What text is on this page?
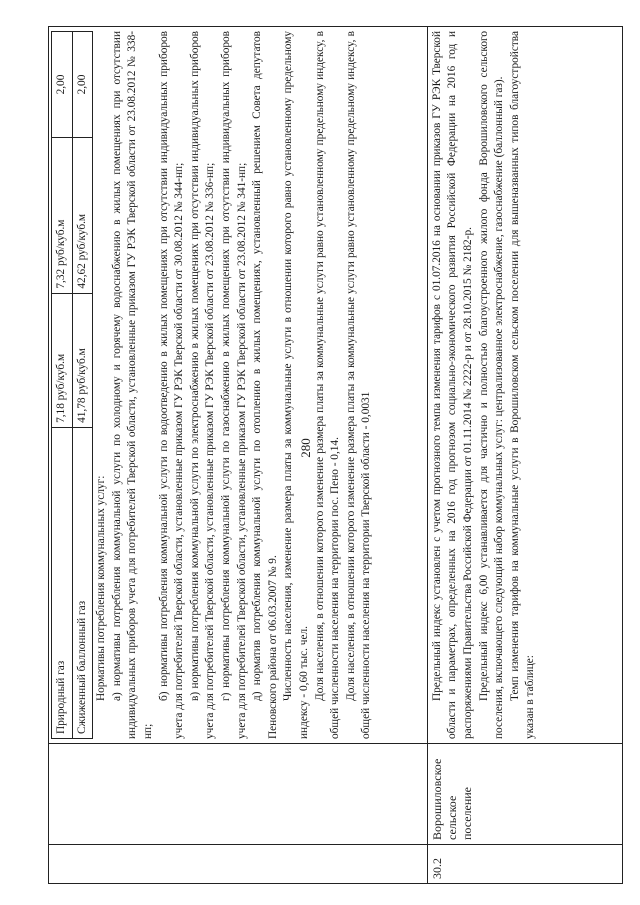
280

Природный газ	7,18 руб/куб.м	7,32 руб/куб.м	2,00
Сжиженный баллонный газ	41,78 руб/куб.м	42,62 руб/куб.м	2,00

Нормативы потребления коммунальных услуг: а) нормативы потребления коммунальной услуги по холодному и горячему водоснабжению в жилых помещениях при отсутствии индивидуальных приборов учета для потребителей Тверской области, установленные приказом ГУ РЭК Тверской области от 23.08.2012 № 338-нп;

б) нормативы потребления коммунальной услуги по водоотведению в жилых помещениях при отсутствии индивидуальных приборов учета для потребителей Тверской области, установленные приказом ГУ РЭК Тверской области от 30.08.2012 № 344-нп; в) нормативы потребления коммунальной услуги по электроснабжению в жилых помещениях при отсутствии индивидуальных приборов учета для потребителей Тверской области, установленные приказом ГУ РЭК Тверской области от 23.08.2012 № 336-нп; г) нормативы потребления коммунальной услуги по газоснабжению в жилых помещениях при отсутствии индивидуальных приборов учета для потребителей Тверской области, установленные приказом ГУ РЭК Тверской области от 23.08.2012 № 341-нп; д) норматив потребления коммунальной услуги по отоплению в жилых помещениях, установленный решением Совета депутатов Пеновского района от 06.03.2007 № 9. Численность населения, изменение размера платы за коммунальные услуги в отношении которого равно установленному предельному индексу - 0,60 тыс. чел. Доля населения, в отношении которого изменение размера платы за коммунальные услуги равно установленному предельному индексу, в общей численности населения на территории пос. Пено - 0,14. Доля населения, в отношении которого изменение размера платы за коммунальные услуги равно установленному предельному индексу, в общей численности населения на территории Тверской области - 0,0031

30.2	Ворошиловское сельское поселение	

Предельный индекс установлен с учетом прогнозного темпа изменения тарифов с 01.07.2016 на основании приказов ГУ РЭК Тверской области и параметрах, определенных на 2016 год прогнозом социально-экономического развития Российской Федерации на 2016 год и распоряжениями Правительства Российской Федерации от 01.11.2014 № 2222-р и от 28.10.2015 № 2182-р. Предельный индекс 6,00 устанавливается для частично и полностью благоустроенного жилого фонда Ворошиловского сельского поселения, включающего следующий набор коммунальных услуг: централизованное электроснабжение, газоснабжение (баллонный газ). Темп изменения тарифов на коммунальные услуги в Ворошиловском сельском поселении для вышеназванных типов благоустройства указан в таблице:
